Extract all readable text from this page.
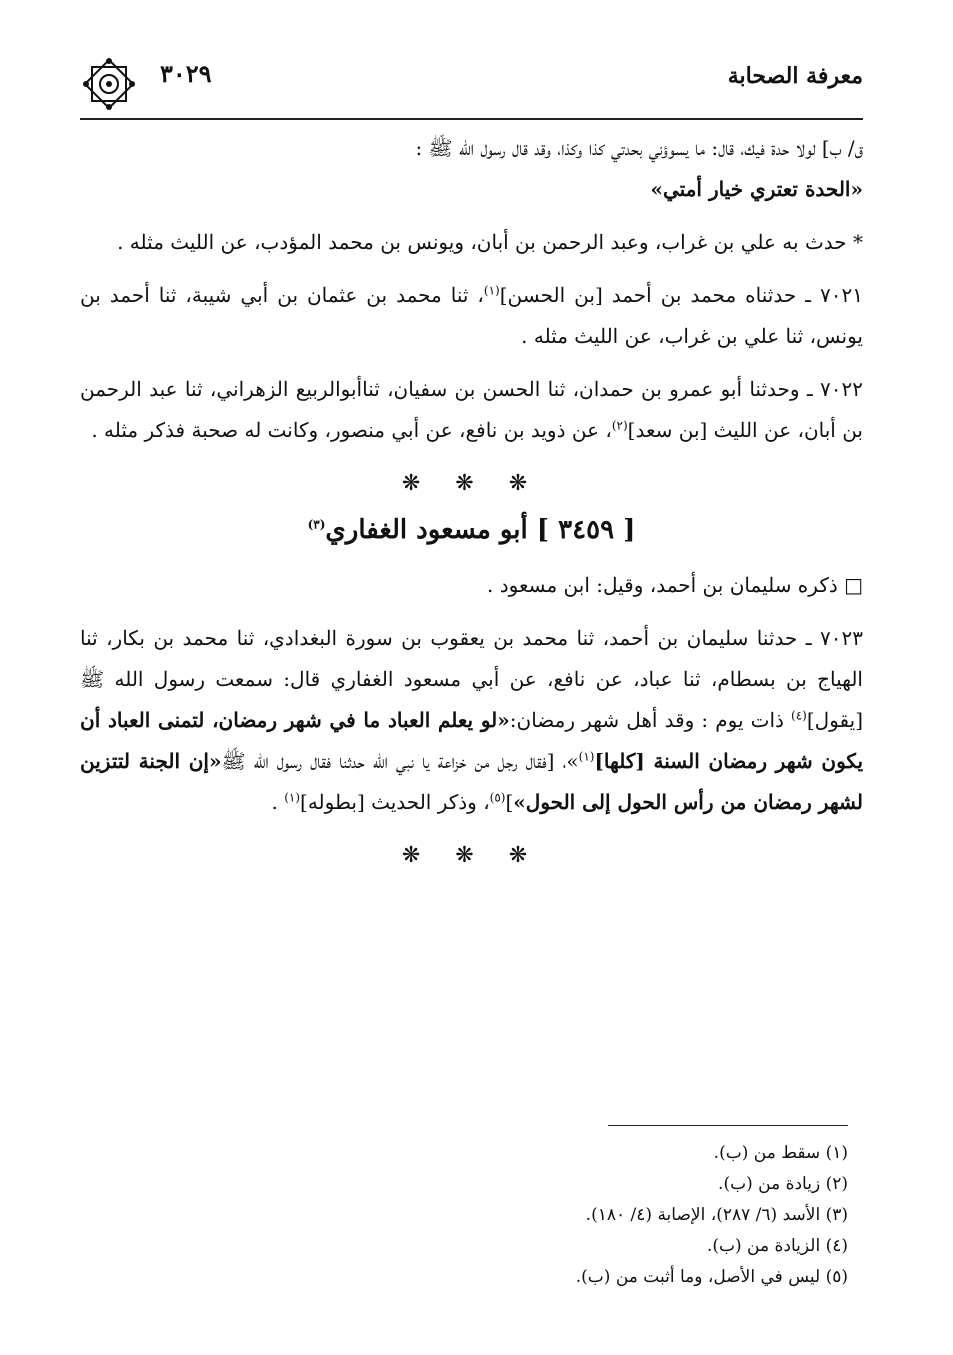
معرفة الصحابة
٣٠٢٩

ق/ ب] لولا حدة فيك، قال: ما يسوؤني بحدتي كذا وكذا، وقد قال رسول الله ﷺ :
«الحدة تعتري خيار أمتي»

* حدث به علي بن غراب، وعبد الرحمن بن أبان، ويونس بن محمد المؤدب، عن الليث مثله .

٧٠٢١ ـ حدثناه محمد بن أحمد [بن الحسن]$^{(١)}$، ثنا محمد بن عثمان بن أبي شيبة، ثنا أحمد بن يونس، ثنا علي بن غراب، عن الليث مثله .

٧٠٢٢ ـ وحدثنا أبو عمرو بن حمدان، ثنا الحسن بن سفيان، ثناأبوالربيع الزهراني، ثنا عبد الرحمن بن أبان، عن الليث [بن سعد]$^{(٢)}$، عن ذويد بن نافع، عن أبي منصور، وكانت له صحبة فذكر مثله .

❋ ❋ ❋
[ ٣٤٥٩ ] أبو مسعود الغفاري$^{(٣)}$

□ ذكره سليمان بن أحمد، وقيل: ابن مسعود .

٧٠٢٣ ـ حدثنا سليمان بن أحمد، ثنا محمد بن يعقوب بن سورة البغدادي، ثنا محمد بن بكار، ثنا الهياج بن بسطام، ثنا عباد، عن نافع، عن أبي مسعود الغفاري قال: سمعت رسول الله ﷺ [يقول]$^{(٤)}$ ذات يوم : وقد أهل شهر رمضان:«لو يعلم العباد ما في شهر رمضان، لتمنى العباد أن يكون شهر رمضان السنة [كلها]$^{(١)}$»، [فقال رجل من خزاعة يا نبي الله حدثنا فقال رسول الله ﷺ«إن الجنة لتتزين لشهر رمضان من رأس الحول إلى الحول»]$^{(٥)}$، وذكر الحديث [بطوله]$^{(١)}$ .

❋ ❋ ❋

(١) سقط من (ب).

(٢) زيادة من (ب).

(٣) الأسد (٦/ ٢٨٧)، الإصابة (٤/ ١٨٠).

(٤) الزيادة من (ب).

(٥) ليس في الأصل، وما أثبت من (ب).
